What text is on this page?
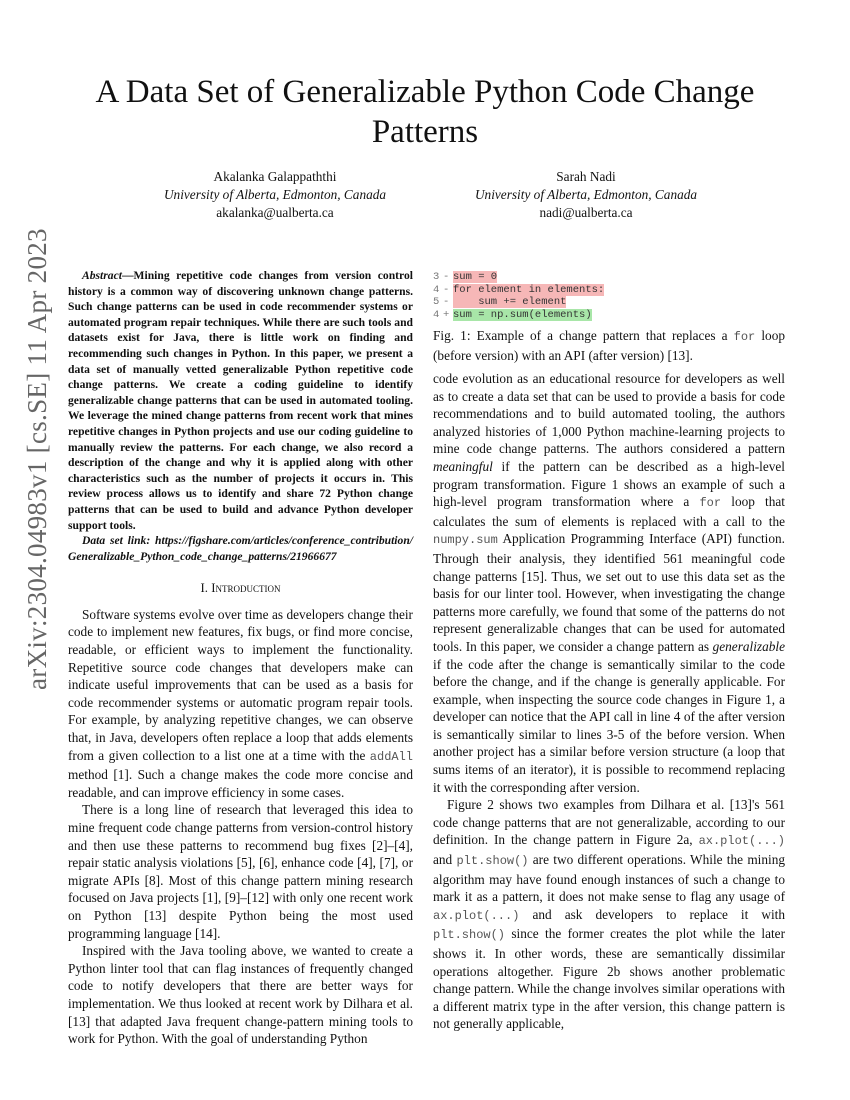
A Data Set of Generalizable Python Code Change Patterns
Akalanka Galappaththi
University of Alberta, Edmonton, Canada
akalanka@ualberta.ca
Sarah Nadi
University of Alberta, Edmonton, Canada
nadi@ualberta.ca
arXiv:2304.04983v1 [cs.SE] 11 Apr 2023	Abstract—Mining repetitive code changes from version control history is a common way of discovering unknown change patterns. Such change patterns can be used in code recommender systems or automated program repair techniques. While there are such tools and datasets exist for Java, there is little work on finding and recommending such changes in Python. In this paper, we present a data set of manually vetted generalizable Python repetitive code change patterns. We create a coding guideline to identify generalizable change patterns that can be used in automated tooling. We leverage the mined change patterns from recent work that mines repetitive changes in Python projects and use our coding guideline to manually review the patterns. For each change, we also record a description of the change and why it is applied along with other characteristics such as the number of projects it occurs in. This review process allows us to identify and share 72 Python change patterns that can be used to build and advance Python developer support tools.

Data set link: https://figshare.com/articles/conference_contribution/Generalizable_Python_code_change_patterns/21966677

I. Introduction

Software systems evolve over time as developers change their code to implement new features, fix bugs, or find more concise, readable, or efficient ways to implement the functionality. Repetitive source code changes that developers make can indicate useful improvements that can be used as a basis for code recommender systems or automatic program repair tools. For example, by analyzing repetitive changes, we can observe that, in Java, developers often replace a loop that adds elements from a given collection to a list one at a time with the addAll method [1]. Such a change makes the code more concise and readable, and can improve efficiency in some cases.

There is a long line of research that leveraged this idea to mine frequent code change patterns from version-control history and then use these patterns to recommend bug fixes [2]–[4], repair static analysis violations [5], [6], enhance code [4], [7], or migrate APIs [8]. Most of this change pattern mining research focused on Java projects [1], [9]–[12] with only one recent work on Python [13] despite Python being the most used programming language [14].

Inspired with the Java tooling above, we wanted to create a Python linter tool that can flag instances of frequently changed code to notify developers that there are better ways for implementation. We thus looked at recent work by Dilhara et al. [13] that adapted Java frequent change-pattern mining tools to work for Python. With the goal of understanding Python

3 - sum = 0
4 - for element in elements:
5 -    sum += element
4 + sum = np.sum(elements)
Fig. 1: Example of a change pattern that replaces a for loop (before version) with an API (after version) [13].

code evolution as an educational resource for developers as well as to create a data set that can be used to provide a basis for code recommendations and to build automated tooling, the authors analyzed histories of 1,000 Python machine-learning projects to mine code change patterns. The authors considered a pattern meaningful if the pattern can be described as a high-level program transformation. Figure 1 shows an example of such a high-level program transformation where a for loop that calculates the sum of elements is replaced with a call to the numpy.sum Application Programming Interface (API) function. Through their analysis, they identified 561 meaningful code change patterns [15]. Thus, we set out to use this data set as the basis for our linter tool. However, when investigating the change patterns more carefully, we found that some of the patterns do not represent generalizable changes that can be used for automated tools. In this paper, we consider a change pattern as generalizable if the code after the change is semantically similar to the code before the change, and if the change is generally applicable. For example, when inspecting the source code changes in Figure 1, a developer can notice that the API call in line 4 of the after version is semantically similar to lines 3-5 of the before version. When another project has a similar before version structure (a loop that sums items of an iterator), it is possible to recommend replacing it with the corresponding after version.

Figure 2 shows two examples from Dilhara et al. [13]'s 561 code change patterns that are not generalizable, according to our definition. In the change pattern in Figure 2a, ax.plot(...) and plt.show() are two different operations. While the mining algorithm may have found enough instances of such a change to mark it as a pattern, it does not make sense to flag any usage of ax.plot(...) and ask developers to replace it with plt.show() since the former creates the plot while the later shows it. In other words, these are semantically dissimilar operations altogether. Figure 2b shows another problematic change pattern. While the change involves similar operations with a different matrix type in the after version, this change pattern is not generally applicable,
